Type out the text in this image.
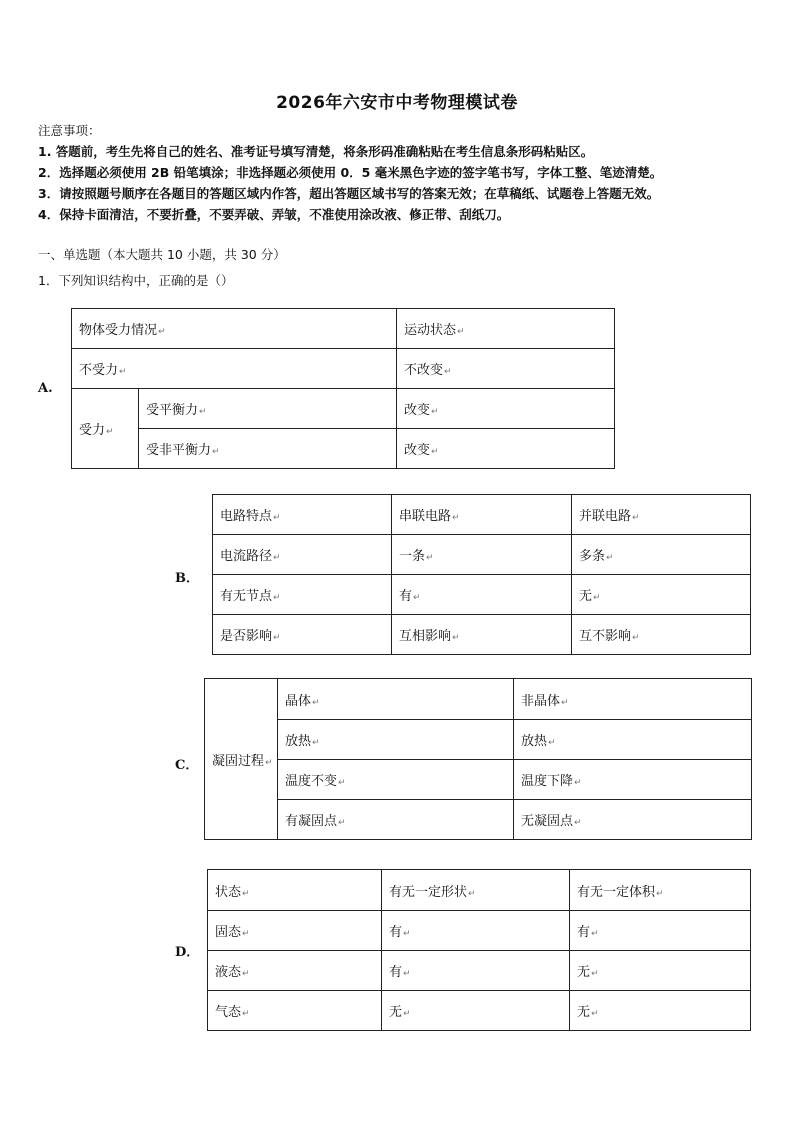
2026年六安市中考物理模试卷
注意事项：
1. 答题前，考生先将自己的姓名、准考证号填写清楚，将条形码准确粘贴在考生信息条形码粘贴区。
2．选择题必须使用 2B 铅笔填涂；非选择题必须使用 0．5 毫米黑色字迹的签字笔书写，字体工整、笔迹清楚。
3．请按照题号顺序在各题目的答题区域内作答，超出答题区域书写的答案无效；在草稿纸、试题卷上答题无效。
4．保持卡面清洁，不要折叠，不要弄破、弄皱，不准使用涂改液、修正带、刮纸刀。
一、单选题（本大题共 10 小题，共 30 分）
1．下列知识结构中，正确的是（）
A.
物体受力情况↵		运动状态↵
不受力↵		不改变↵
受力↵	受平衡力↵	改变↵
	受非平衡力↵	改变↵
B．
电路特点↵	串联电路↵	并联电路↵
电流路径↵	一条↵	多条↵
有无节点↵	有↵	无↵
是否影响↵	互相影响↵	互不影响↵
C． 凝固过程↵	晶体↵	非晶体↵
	放热↵	放热↵
	温度不变↵	温度下降↵
	有凝固点↵	无凝固点↵
D．
状态↵	有无一定形状↵	有无一定体积↵
固态↵	有↵	有↵
液态↵	有↵	无↵
气态↵	无↵	无↵
